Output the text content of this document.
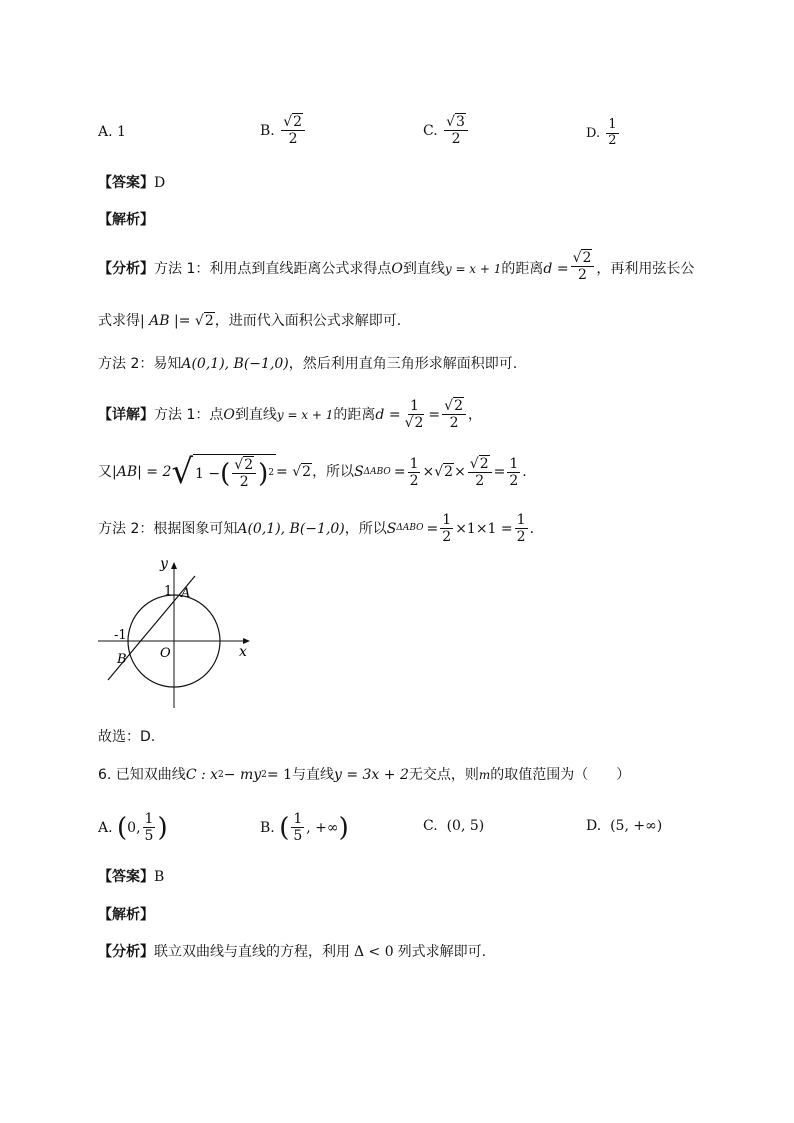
A.
1	B.
$\frac{√2}{2}$	C.
$\frac{√3}{2}$	D.
$\frac{1}{2}$
【答案】D
【解析】
【分析】 方法 1：利用点到直线距离公式求得点 O 到直线 y = x + 1 的距离 $d = \frac{√2}{2}$ ，再利用弦长公
式求得 | AB |= √2 ，进而代入面积公式求解即可.
方法 2：易知 A(0,1), B(−1,0) ，然后利用直角三角形求解面积即可.
【详解】 方法 1：点 O 到直线 y = x + 1 的距离 $d = \frac{1}{√2} = \frac{√2}{2}$ ，
又 |AB| = 2 √ 1 − ( $\frac{√2}{2}$ ) 2 = √2 ，所以 S $\Delta ABO = \frac{1}{2} \times √2 \times \frac{√2}{2} = \frac{1}{2}$ .
方法 2：根据图象可知 A(0,1), B(−1,0) ，所以 S $\Delta ABO = \frac{1}{2} \times 1\times 1 = \frac{1}{2}$ .
y
x
1
-1
A
B	O
故选：D.
6. 已知双曲线 C : x 2 − my 2 = 1 与直线 y = 3x + 2 无交点，则 m 的取值范围为（　　）
A.
( 0, $\frac{1}{5}$ )	B.
( $\frac{1}{5}$ , +∞ )	C.
(0, 5)	D.
(5, +∞)
【答案】B
【解析】
【分析】 联立双曲线与直线的方程，利用 Δ < 0 列式求解即可.
